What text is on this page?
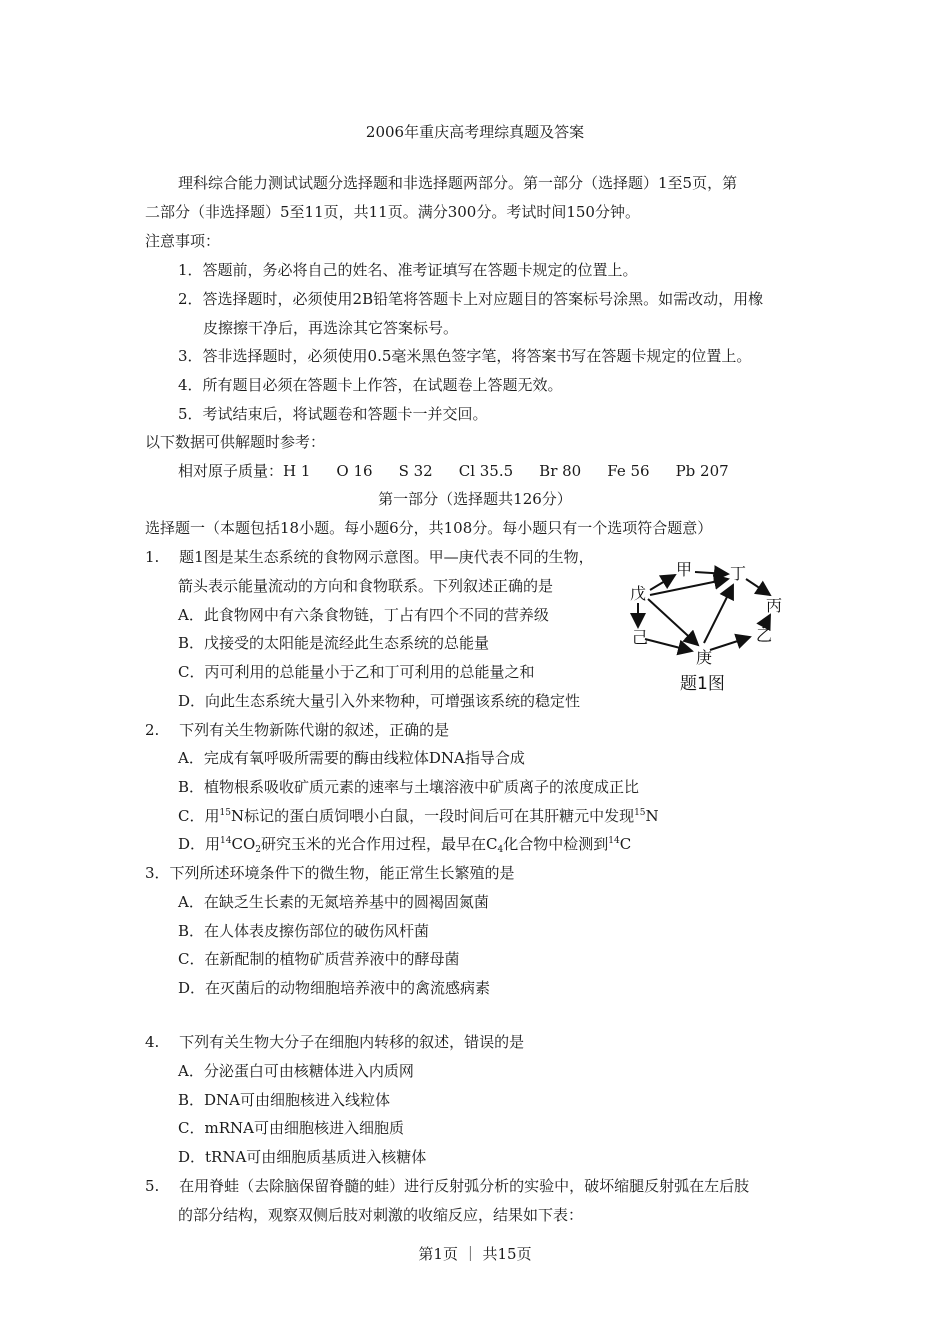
2006年重庆高考理综真题及答案
理科综合能力测试试题分选择题和非选择题两部分。第一部分（选择题）1至5页，第
二部分（非选择题）5至11页，共11页。满分300分。考试时间150分钟。
注意事项：
1．答题前，务必将自己的姓名、准考证填写在答题卡规定的位置上。
2．答选择题时，必须使用2B铅笔将答题卡上对应题目的答案标号涂黑。如需改动，用橡
皮擦擦干净后，再选涂其它答案标号。
3．答非选择题时，必须使用0.5毫米黑色签字笔，将答案书写在答题卡规定的位置上。
4．所有题目必须在答题卡上作答，在试题卷上答题无效。
5．考试结束后，将试题卷和答题卡一并交回。
以下数据可供解题时参考：
相对原子质量：H 1 O 16 S 32 Cl 35.5 Br 80 Fe 56 Pb 207
第一部分（选择题共126分）
选择题一（本题包括18小题。每小题6分，共108分。每小题只有一个选项符合题意）
1.　 题1图是某生态系统的食物网示意图。甲—庚代表不同的生物，
箭头表示能量流动的方向和食物联系。下列叙述正确的是
A．此食物网中有六条食物链，丁占有四个不同的营养级
B．戊接受的太阳能是流经此生态系统的总能量
C．丙可利用的总能量小于乙和丁可利用的总能量之和
D．向此生态系统大量引入外来物种，可增强该系统的稳定性
甲 丁
戊
丙
己	乙
庚
题1图
2.　 下列有关生物新陈代谢的叙述，正确的是
A．完成有氧呼吸所需要的酶由线粒体DNA指导合成
B．植物根系吸收矿质元素的速率与土壤溶液中矿质离子的浓度成正比
C．用$^{15}$N标记的蛋白质饲喂小白鼠，一段时间后可在其肝糖元中发现$^{15}$N
D．用$^{14}CO_2$研究玉米的光合作用过程，最早在$C_4$化合物中检测到$^{14}$C
3．下列所述环境条件下的微生物，能正常生长繁殖的是
A．在缺乏生长素的无氮培养基中的圆褐固氮菌
B．在人体表皮擦伤部位的破伤风杆菌
C．在新配制的植物矿质营养液中的酵母菌
D．在灭菌后的动物细胞培养液中的禽流感病素
4.　 下列有关生物大分子在细胞内转移的叙述，错误的是
A．分泌蛋白可由核糖体进入内质网
B．DNA可由细胞核进入线粒体
C．mRNA可由细胞核进入细胞质
D．tRNA可由细胞质基质进入核糖体
5.　 在用脊蛙（去除脑保留脊髓的蛙）进行反射弧分析的实验中，破坏缩腿反射弧在左后肢
的部分结构，观察双侧后肢对刺激的收缩反应，结果如下表：
第1页 ｜ 共15页
